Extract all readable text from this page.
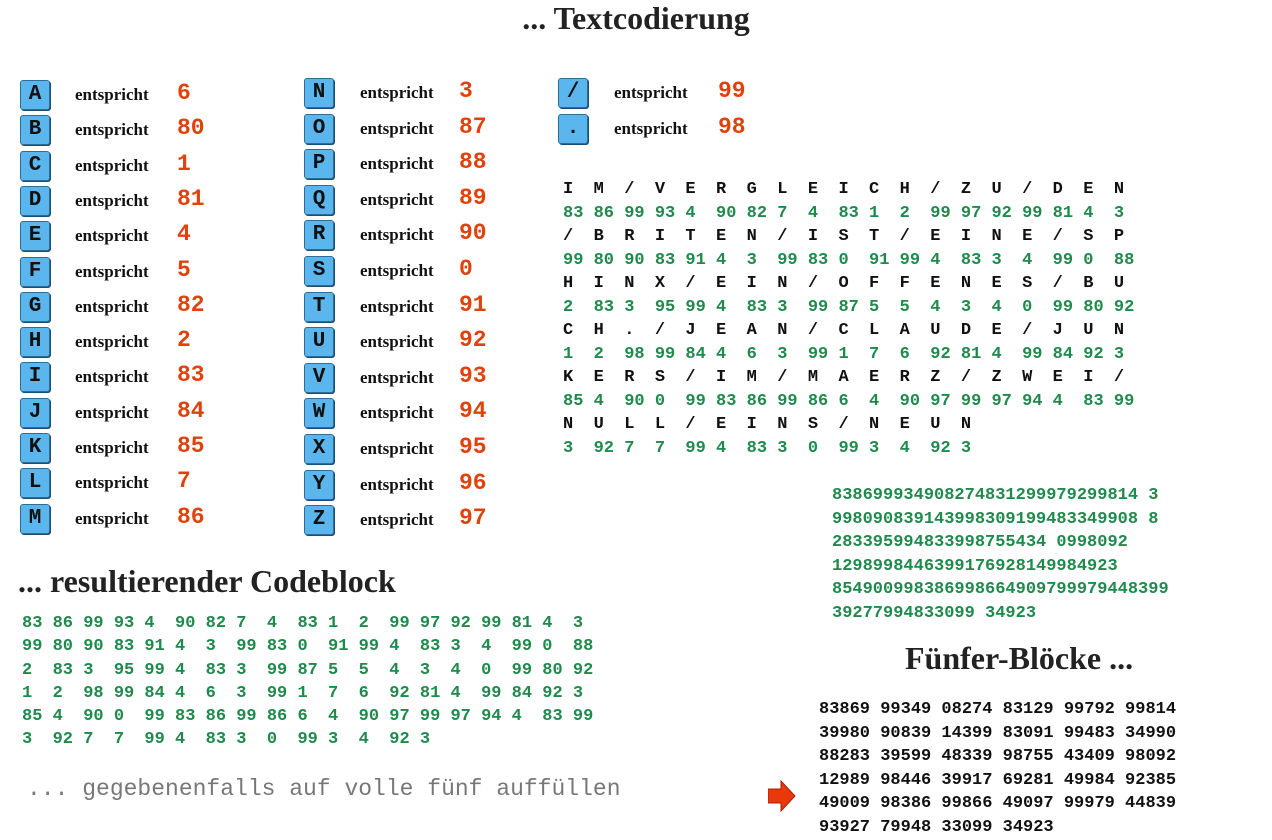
... Textcodierung
A	entspricht 6
B	entspricht 80
C	entspricht 1
D	entspricht 81
E	entspricht 4
F	entspricht 5
G	entspricht 82
H	entspricht 2
I	entspricht 83
J	entspricht 84
K	entspricht 85
L	entspricht 7
M	entspricht 86
N	entspricht 3
O	entspricht 87
P	entspricht 88
Q	entspricht 89
R	entspricht 90
S	entspricht 0
T	entspricht 91
U	entspricht 92
V	entspricht 93
W	entspricht 94
X	entspricht 95
Y	entspricht 96
Z	entspricht 97
/	entspricht 99
.	entspricht 98
I  M  /  V  E  R  G  L  E  I  C  H  /  Z  U  /  D  E  N
83 86 99 93 4  90 82 7  4  83 1  2  99 97 92 99 81 4  3
/  B  R  I  T  E  N  /  I  S  T  /  E  I  N  E  /  S  P
99 80 90 83 91 4  3  99 83 0  91 99 4  83 3  4  99 0  88
H  I  N  X  /  E  I  N  /  O  F  F  E  N  E  S  /  B  U
2  83 3  95 99 4  83 3  99 87 5  5  4  3  4  0  99 80 92
C  H  .  /  J  E  A  N  /  C  L  A  U  D  E  /  J  U  N
1  2  98 99 84 4  6  3  99 1  7  6  92 81 4  99 84 92 3
K  E  R  S  /  I  M  /  M  A  E  R  Z  /  Z  W  E  I  /
85 4  90 0  99 83 86 99 86 6  4  90 97 99 97 94 4  83 99
N  U  L  L  /  E  I  N  S  /  N  E  U  N
3  92 7  7  99 4  83 3  0  99 3  4  92 3
... resultierender Codeblock
83 86 99 93 4  90 82 7  4  83 1  2  99 97 92 99 81 4  3
99 80 90 83 91 4  3  99 83 0  91 99 4  83 3  4  99 0  88
2  83 3  95 99 4  83 3  99 87 5  5  4  3  4  0  99 80 92
1  2  98 99 84 4  6  3  99 1  7  6  92 81 4  99 84 92 3
85 4  90 0  99 83 86 99 86 6  4  90 97 99 97 94 4  83 99
3  92 7  7  99 4  83 3  0  99 3  4  92 3
838699934908274831299979299814 3
998090839143998309199483349908 8
283395994833998755434 0998092
1298998446399176928149984923
854900998386998664909799979448399
39277994833099 34923
Fünfer-Blöcke ...
83869 99349 08274 83129 99792 99814
39980 90839 14399 83091 99483 34990
88283 39599 48339 98755 43409 98092
12989 98446 39917 69281 49984 92385
49009 98386 99866 49097 99979 44839
93927 79948 33099 34923
... gegebenenfalls auf volle fünf auffüllen
